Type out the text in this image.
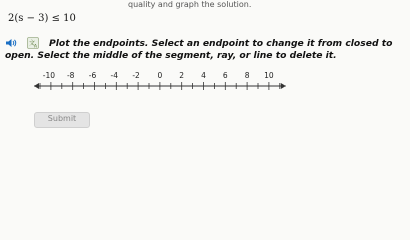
quality and graph the solution.
2(s − 3) ≤ 10
文
A	Plot the endpoints. Select an endpoint to change it from closed to open. Select the middle of the segment, ray, or line to delete it.
-10 -8 -6 -4 -2 0 2 4 6 8 10
Submit
